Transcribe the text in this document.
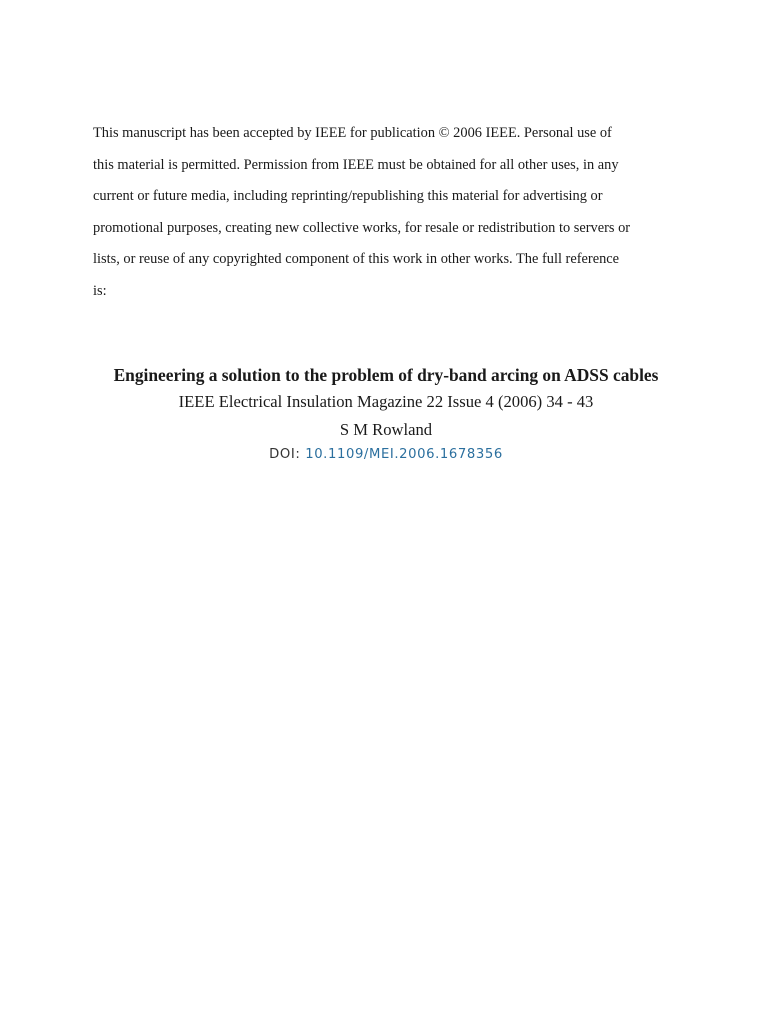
This manuscript has been accepted by IEEE for publication © 2006 IEEE. Personal use of
this material is permitted. Permission from IEEE must be obtained for all other uses, in any
current or future media, including reprinting/republishing this material for advertising or
promotional purposes, creating new collective works, for resale or redistribution to servers or
lists, or reuse of any copyrighted component of this work in other works. The full reference
is:
Engineering a solution to the problem of dry-band arcing on ADSS cables
IEEE Electrical Insulation Magazine 22 Issue 4 (2006) 34 - 43
S M Rowland
DOI: 10.1109/MEI.2006.1678356
